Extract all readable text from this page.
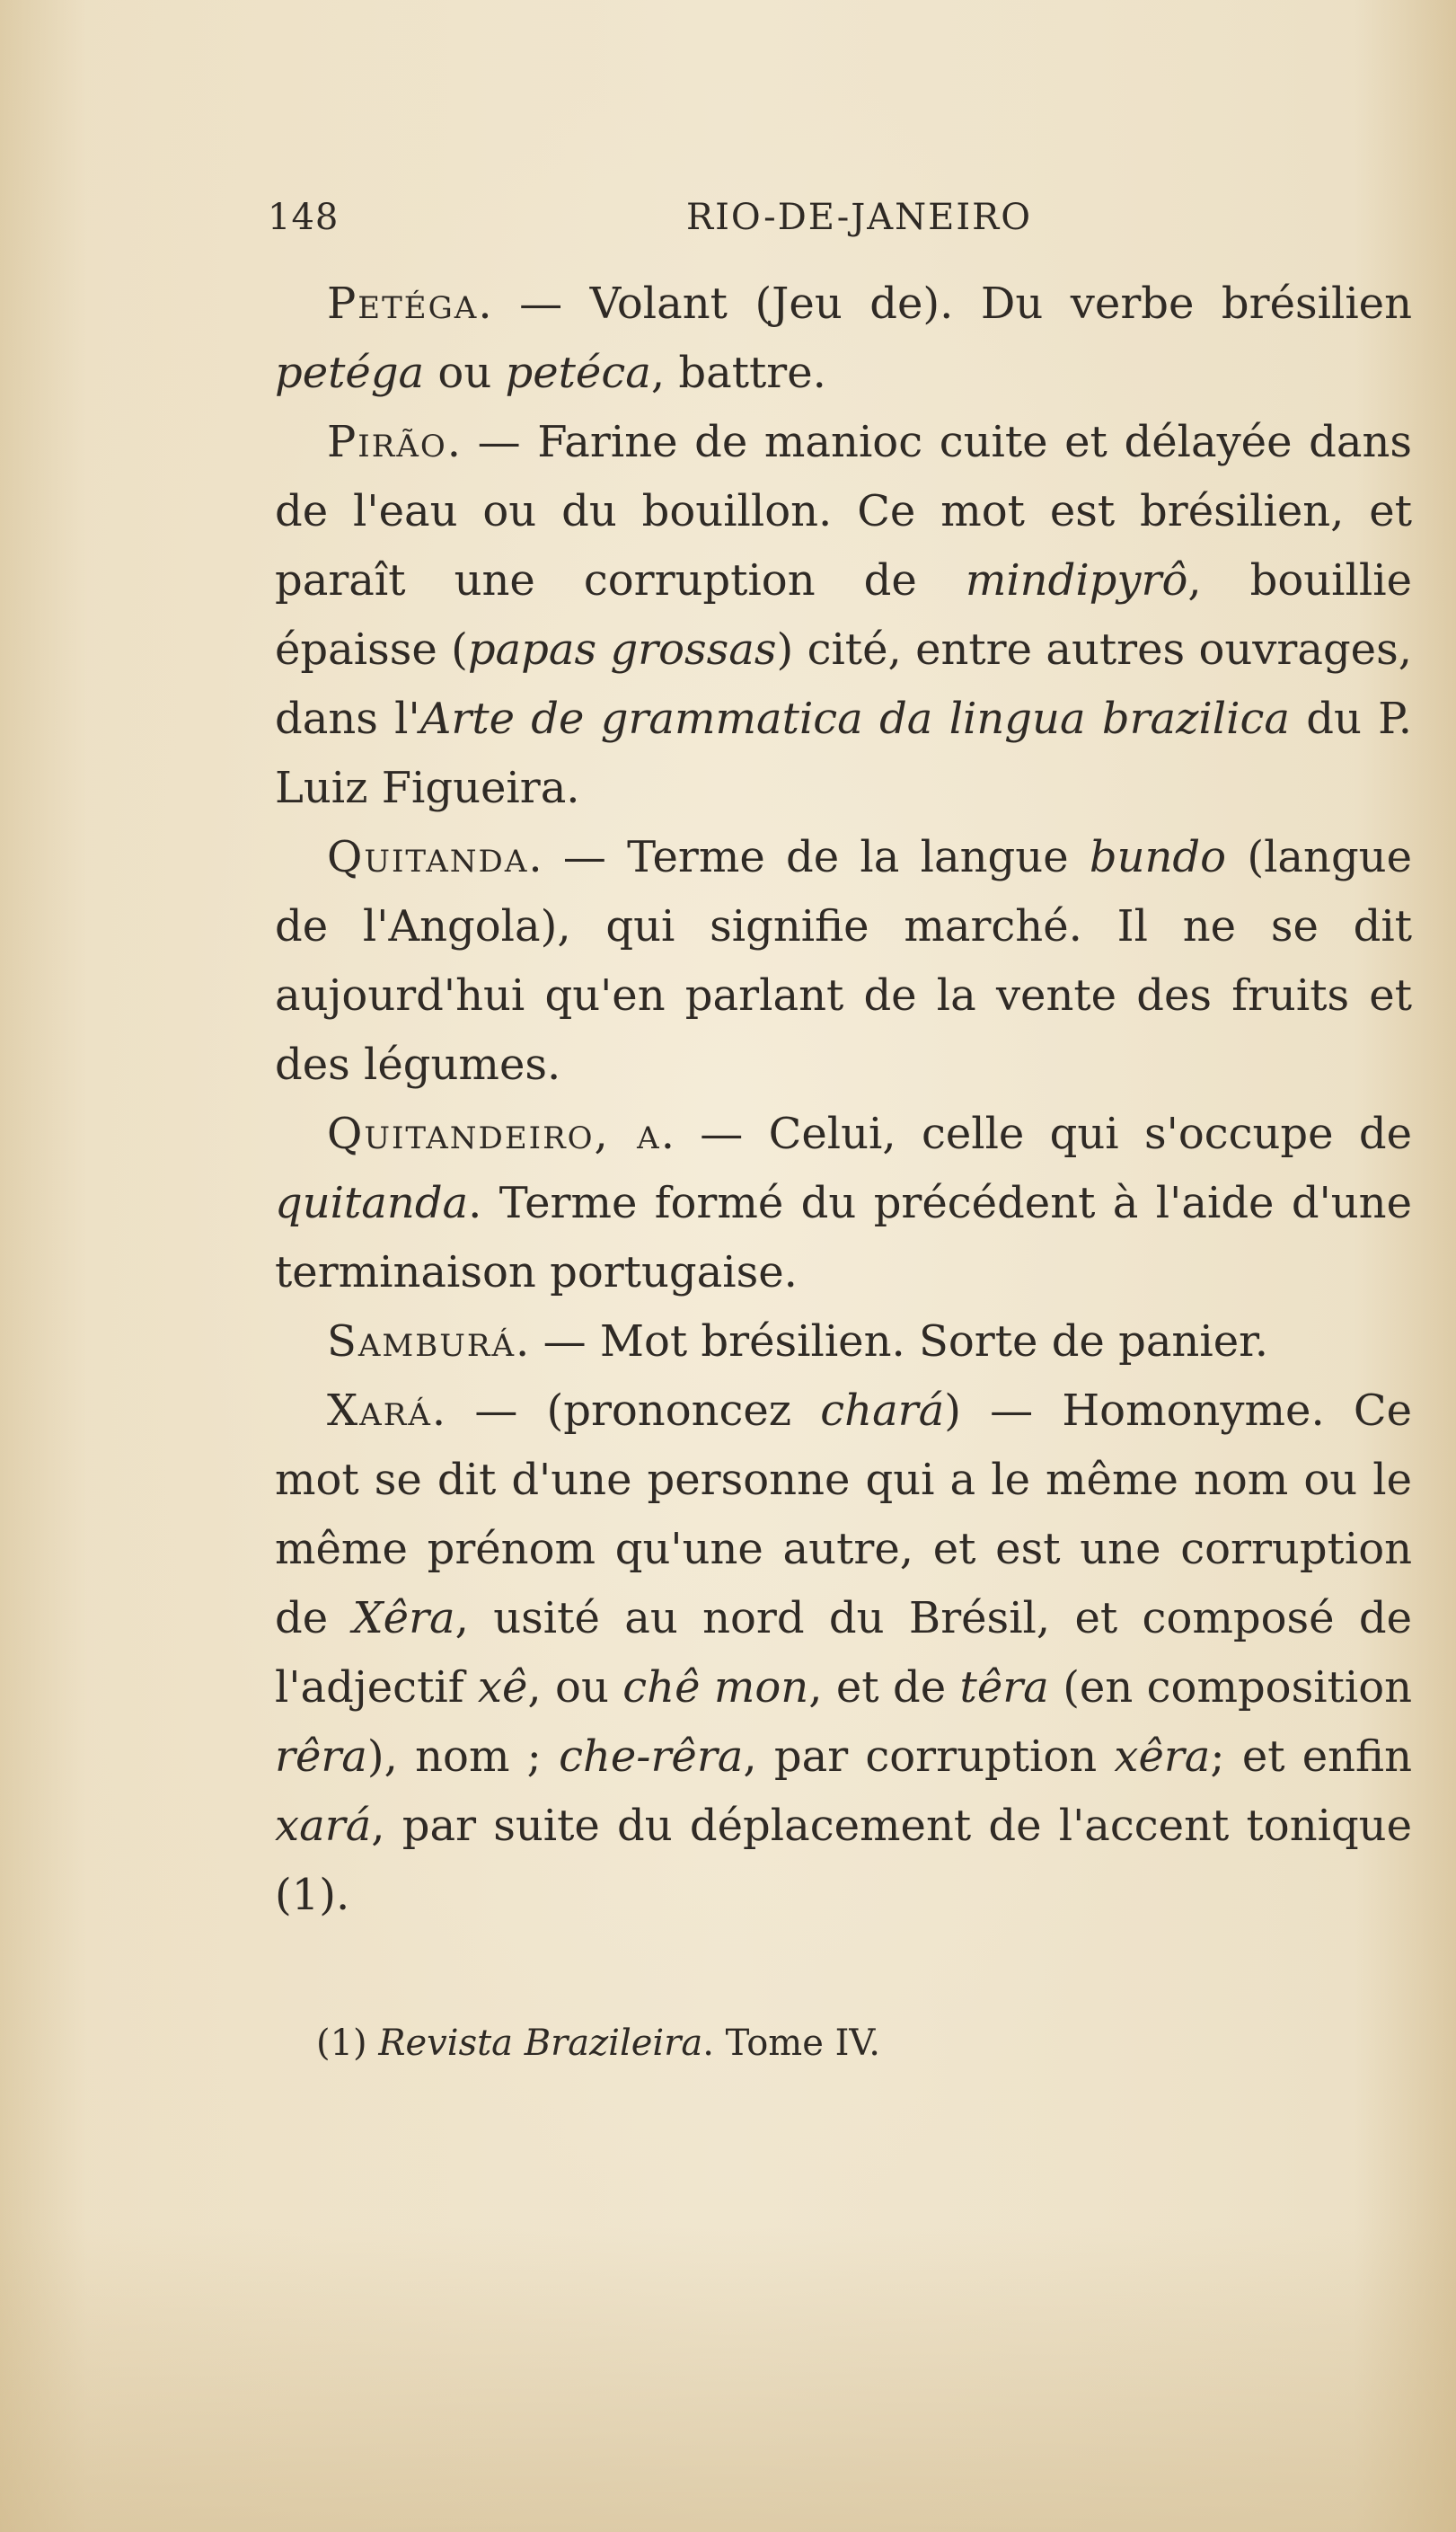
148	RIO-DE-JANEIRO

Petéga. — Volant (Jeu de). Du verbe brésilien petéga ou petéca, battre.

Pirão. — Farine de manioc cuite et délayée dans de l'eau ou du bouillon. Ce mot est brésilien, et paraît une corruption de mindipyrô, bouillie épaisse (papas grossas) cité, entre autres ouvrages, dans l'Arte de grammatica da lingua brazilica du P. Luiz Figueira.

Quitanda. — Terme de la langue bundo (langue de l'Angola), qui signifie marché. Il ne se dit aujourd'hui qu'en parlant de la vente des fruits et des légumes.

Quitandeiro, a. — Celui, celle qui s'occupe de quitanda. Terme formé du précédent à l'aide d'une terminaison portugaise.

Samburá. — Mot brésilien. Sorte de panier.

Xará. — (prononcez chará) — Homonyme. Ce mot se dit d'une personne qui a le même nom ou le même prénom qu'une autre, et est une corruption de Xêra, usité au nord du Brésil, et composé de l'adjectif xê, ou chê mon, et de têra (en composition rêra), nom ; che-rêra, par corruption xêra; et enfin xará, par suite du déplacement de l'accent tonique (1).

(1) Revista Brazileira. Tome IV.
